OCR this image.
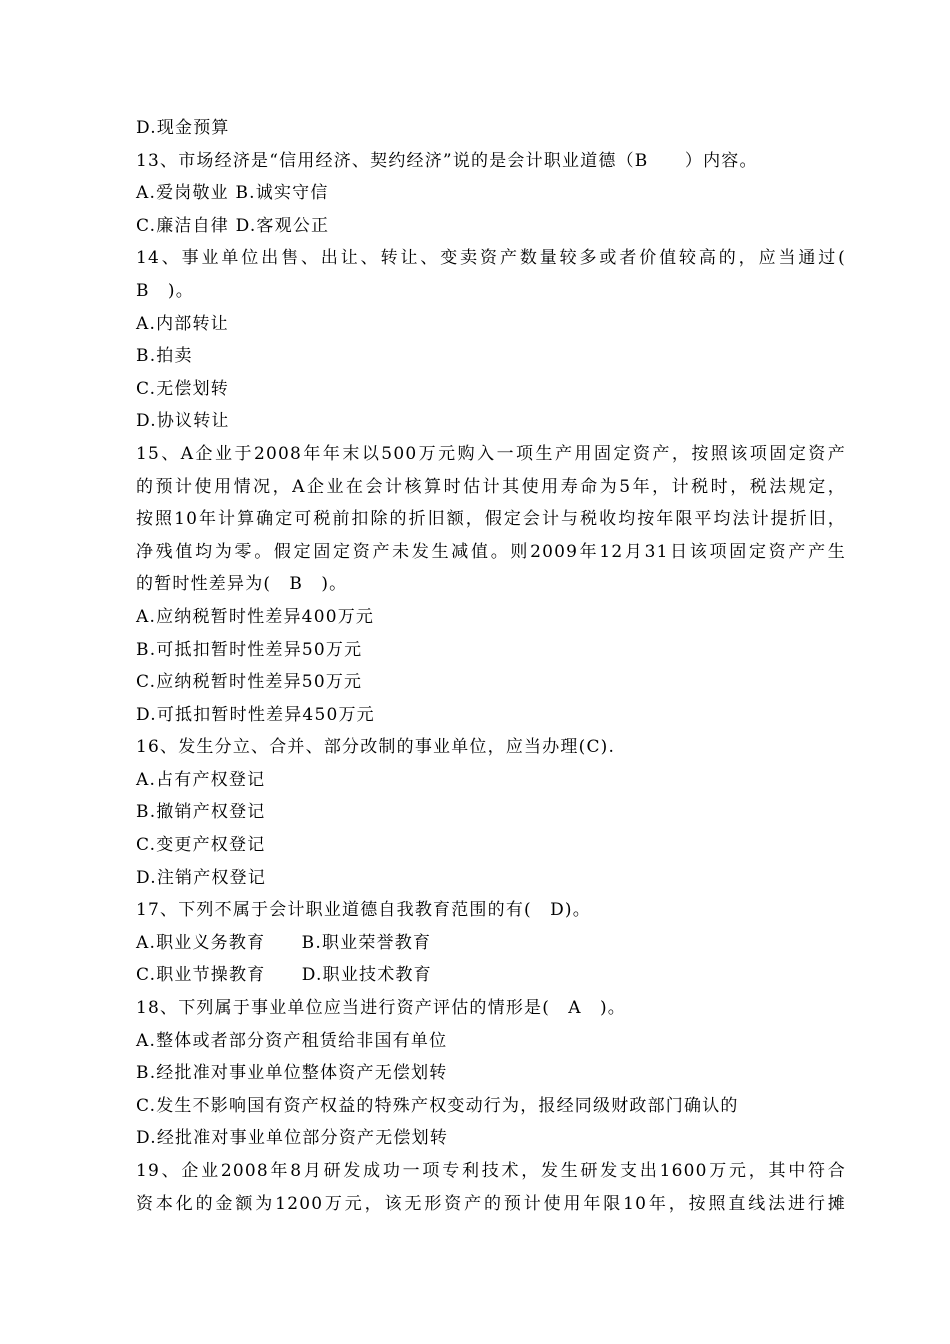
D.现金预算
13、市场经济是“信用经济、契约经济”说的是会计职业道德（B　　）内容。
A.爱岗敬业 B.诚实守信
C.廉洁自律 D.客观公正
14、事业单位出售、出让、转让、变卖资产数量较多或者价值较高的，应当通过(
B　)。
A.内部转让
B.拍卖
C.无偿划转
D.协议转让
15、A企业于2008年年末以500万元购入一项生产用固定资产，按照该项固定资产
的预计使用情况，A企业在会计核算时估计其使用寿命为5年，计税时，税法规定，
按照10年计算确定可税前扣除的折旧额，假定会计与税收均按年限平均法计提折旧，
净残值均为零。假定固定资产未发生减值。则2009年12月31日该项固定资产产生
的暂时性差异为(　B　)。
A.应纳税暂时性差异400万元
B.可抵扣暂时性差异50万元
C.应纳税暂时性差异50万元
D.可抵扣暂时性差异450万元
16、发生分立、合并、部分改制的事业单位，应当办理(C).
A.占有产权登记
B.撤销产权登记
C.变更产权登记
D.注销产权登记
17、下列不属于会计职业道德自我教育范围的有(　D)。
A.职业义务教育　　B.职业荣誉教育
C.职业节操教育　　D.职业技术教育
18、下列属于事业单位应当进行资产评估的情形是(　A　)。
A.整体或者部分资产租赁给非国有单位
B.经批准对事业单位整体资产无偿划转
C.发生不影响国有资产权益的特殊产权变动行为，报经同级财政部门确认的
D.经批准对事业单位部分资产无偿划转
19、企业2008年8月研发成功一项专利技术，发生研发支出1600万元，其中符合
资本化的金额为1200万元，该无形资产的预计使用年限10年，按照直线法进行摊
